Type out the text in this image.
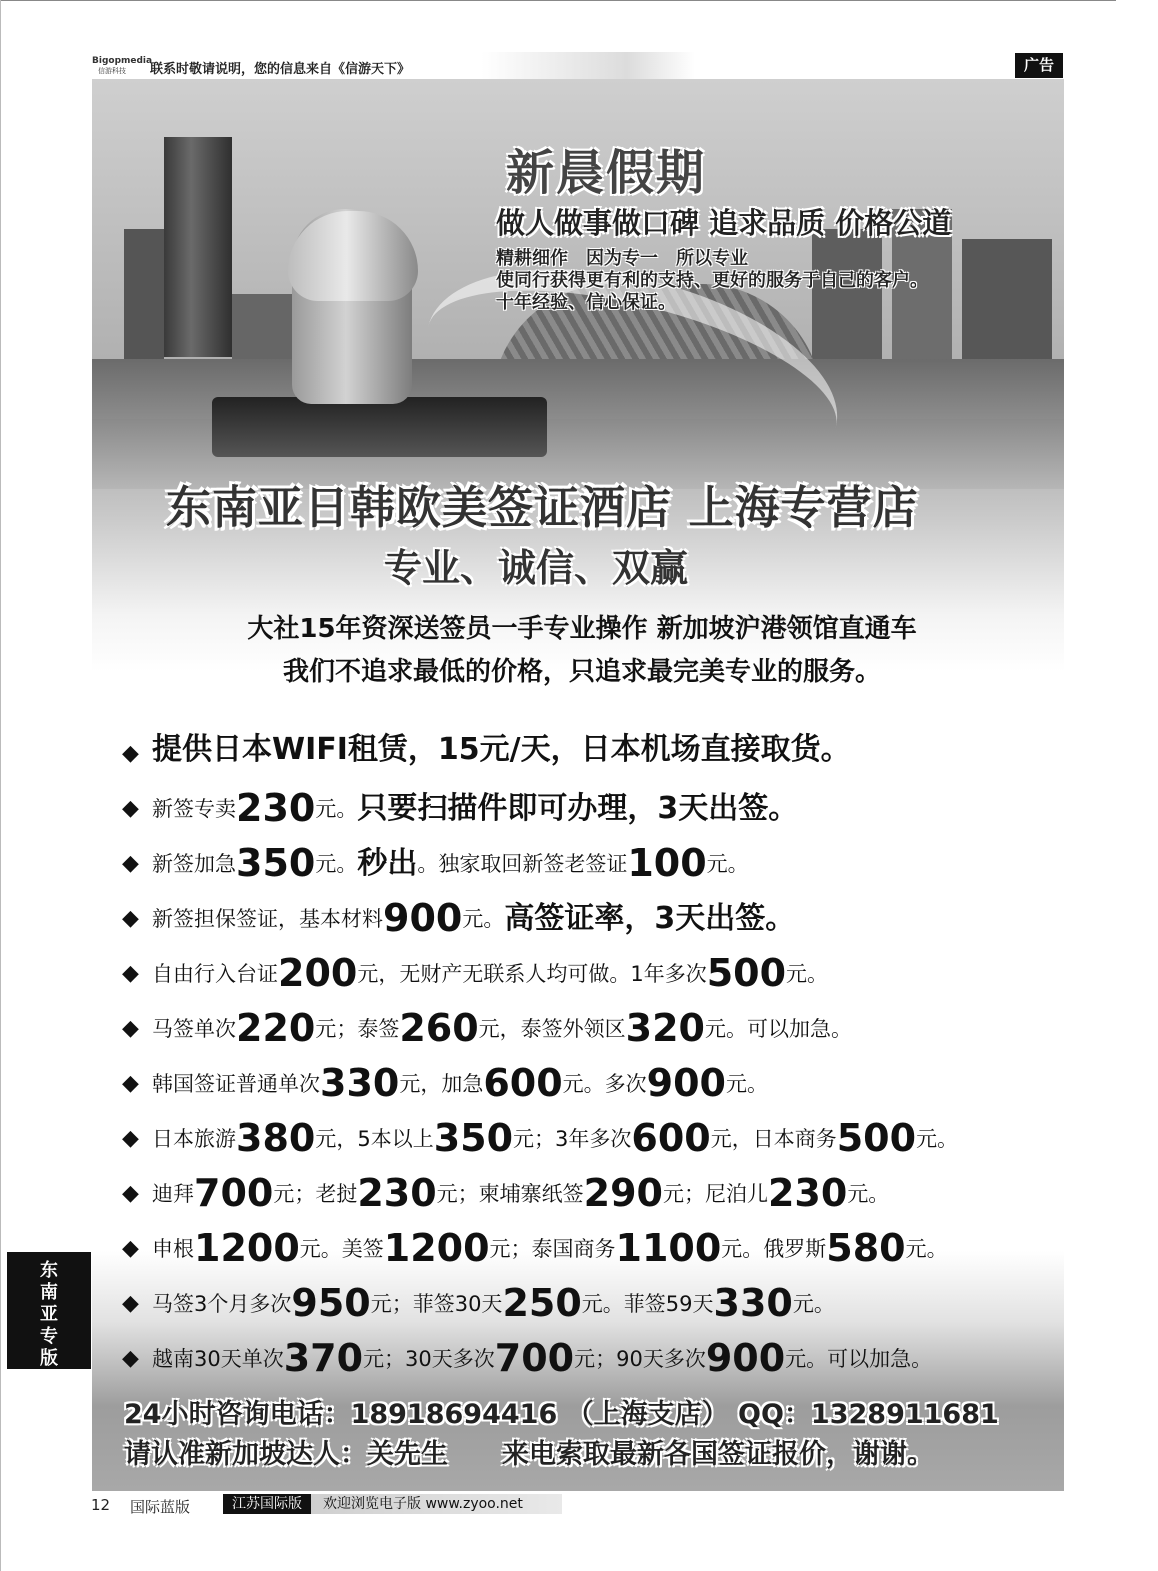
Bigopmedia
信游科技 联系时敬请说明，您的信息来自《信游天下》	广告
新晨假期
做人做事做口碑 追求品质 价格公道
精耕细作　因为专一　所以专业
使同行获得更有利的支持、更好的服务于自己的客户。
十年经验、信心保证。
东南亚日韩欧美签证酒店 上海专营店
专业、诚信、双赢
大社15年资深送签员一手专业操作 新加坡沪港领馆直通车
我们不追求最低的价格，只追求最完美专业的服务。
◆ 提供日本WIFI租赁，15元/天，日本机场直接取货。
◆ 新签专卖 230 元。 只要扫描件即可办理，3天出签。
◆ 新签加急 350 元。 秒出 。独家取回新签老签证 100 元。
◆ 新签担保签证，基本材料 900 元。 高签证率，3天出签。
◆ 自由行入台证 200 元，无财产无联系人均可做。1年多次 500 元。
◆ 马签单次 220 元；泰签 260 元，泰签外领区 320 元。可以加急。
◆ 韩国签证普通单次 330 元，加急 600 元。多次 900 元。
◆ 日本旅游 380 元，5本以上 350 元；3年多次 600 元，日本商务 500 元。
◆ 迪拜 700 元；老挝 230 元；柬埔寨纸签 290 元；尼泊儿 230 元。
◆ 申根 1200 元。美签 1200 元；泰国商务 1100 元。俄罗斯 580 元。
◆ 马签3个月多次 950 元；菲签30天 250 元。菲签59天 330 元。
◆ 越南30天单次 370 元；30天多次 700 元；90天多次 900 元。可以加急。
24小时咨询电话：18918694416 （上海支店） QQ：1328911681
请认准新加坡达人：关先生　　来电索取最新各国签证报价，谢谢。
东南亚专版
12 国际蓝版	江苏国际版	欢迎浏览电子版 www.zyoo.net
